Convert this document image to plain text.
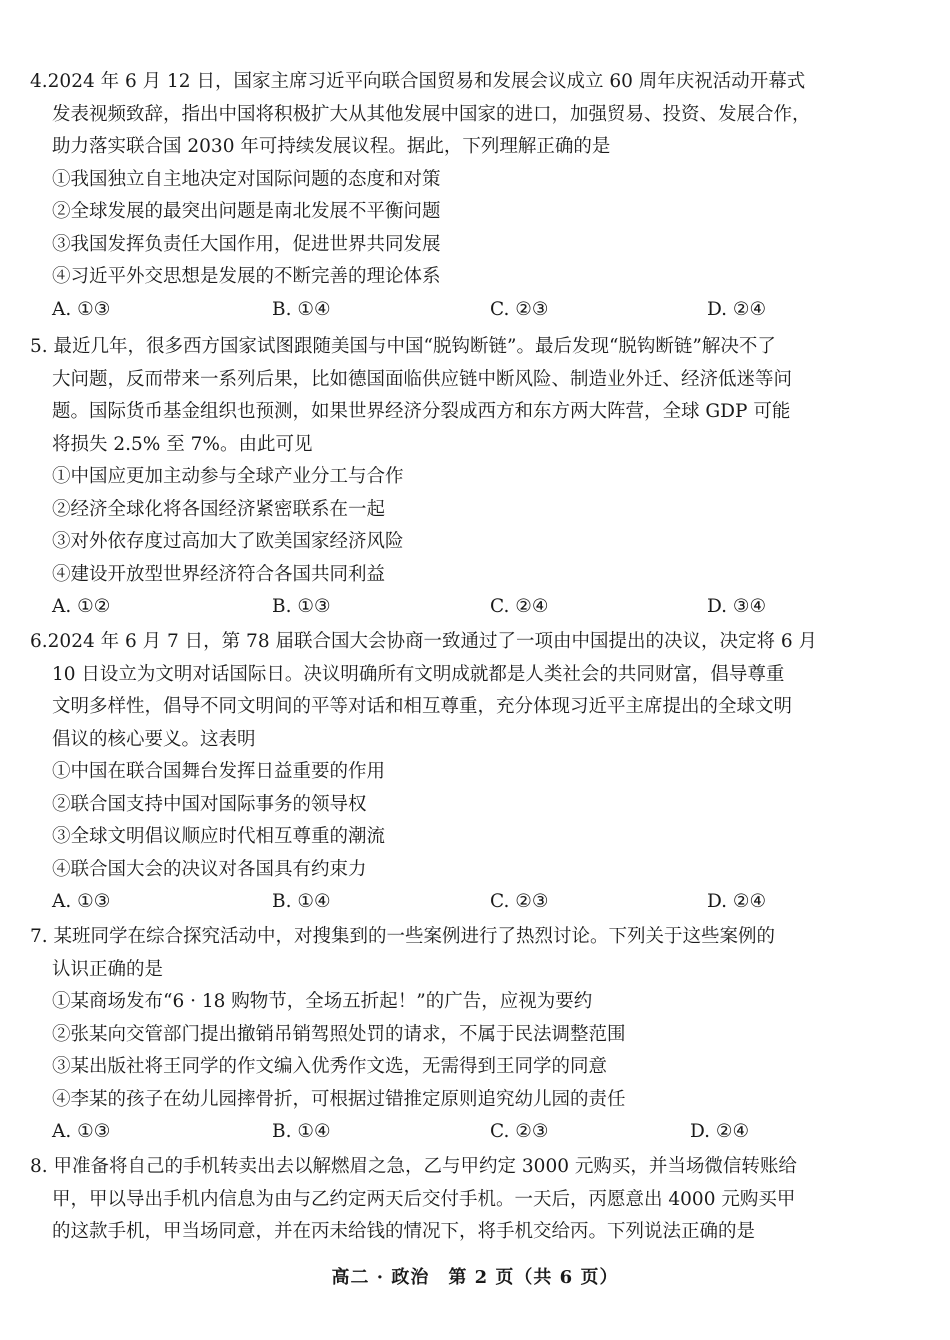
4.2024 年 6 月 12 日，国家主席习近平向联合国贸易和发展会议成立 60 周年庆祝活动开幕式
发表视频致辞，指出中国将积极扩大从其他发展中国家的进口，加强贸易、投资、发展合作，
助力落实联合国 2030 年可持续发展议程。据此，下列理解正确的是
①我国独立自主地决定对国际问题的态度和对策
②全球发展的最突出问题是南北发展不平衡问题
③我国发挥负责任大国作用，促进世界共同发展
④习近平外交思想是发展的不断完善的理论体系
A. ①③	B. ①④	C. ②③	D. ②④
5. 最近几年，很多西方国家试图跟随美国与中国“脱钩断链”。最后发现“脱钩断链”解决不了
大问题，反而带来一系列后果，比如德国面临供应链中断风险、制造业外迁、经济低迷等问
题。国际货币基金组织也预测，如果世界经济分裂成西方和东方两大阵营，全球 GDP 可能
将损失 2.5% 至 7%。由此可见
①中国应更加主动参与全球产业分工与合作
②经济全球化将各国经济紧密联系在一起
③对外依存度过高加大了欧美国家经济风险
④建设开放型世界经济符合各国共同利益
A. ①②	B. ①③	C. ②④	D. ③④
6.2024 年 6 月 7 日，第 78 届联合国大会协商一致通过了一项由中国提出的决议，决定将 6 月
10 日设立为文明对话国际日。决议明确所有文明成就都是人类社会的共同财富，倡导尊重
文明多样性，倡导不同文明间的平等对话和相互尊重，充分体现习近平主席提出的全球文明
倡议的核心要义。这表明
①中国在联合国舞台发挥日益重要的作用
②联合国支持中国对国际事务的领导权
③全球文明倡议顺应时代相互尊重的潮流
④联合国大会的决议对各国具有约束力
A. ①③	B. ①④	C. ②③	D. ②④
7. 某班同学在综合探究活动中，对搜集到的一些案例进行了热烈讨论。下列关于这些案例的
认识正确的是
①某商场发布“6 · 18 购物节，全场五折起！”的广告，应视为要约
②张某向交管部门提出撤销吊销驾照处罚的请求，不属于民法调整范围
③某出版社将王同学的作文编入优秀作文选，无需得到王同学的同意
④李某的孩子在幼儿园摔骨折，可根据过错推定原则追究幼儿园的责任
A. ①③	B. ①④	C. ②③	D. ②④
8. 甲准备将自己的手机转卖出去以解燃眉之急，乙与甲约定 3000 元购买，并当场微信转账给
甲，甲以导出手机内信息为由与乙约定两天后交付手机。一天后，丙愿意出 4000 元购买甲
的这款手机，甲当场同意，并在丙未给钱的情况下，将手机交给丙。下列说法正确的是
高二 · 政治　第 2 页（共 6 页）
